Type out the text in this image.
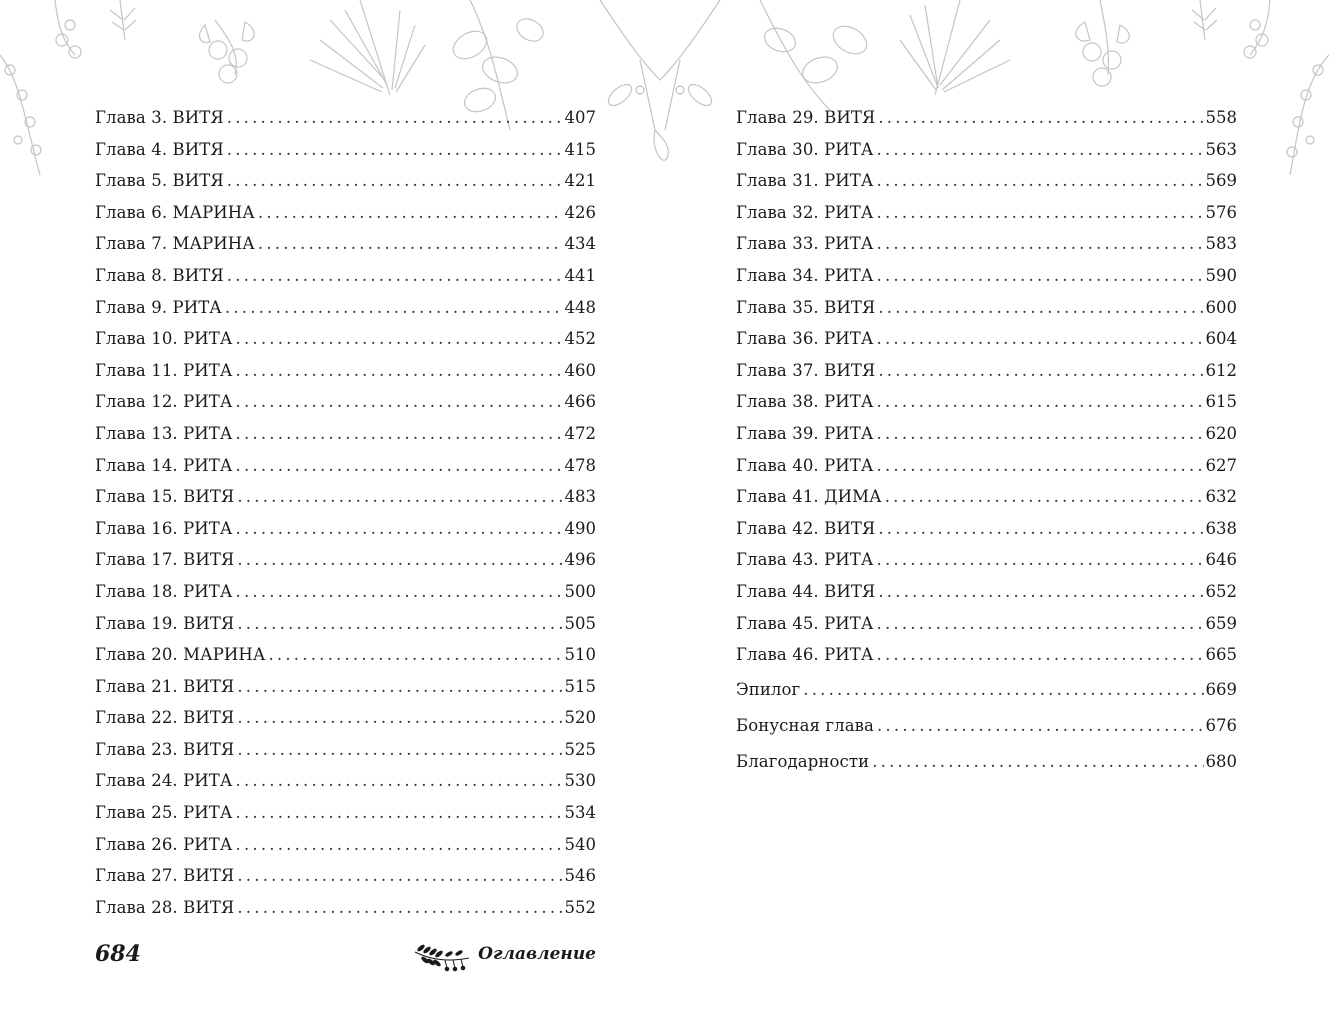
Глава 3. ВИТЯ .....	407
Глава 4. ВИТЯ .....	415
Глава 5. ВИТЯ .....	421
Глава 6. МАРИНА .....	426
Глава 7. МАРИНА .....	434
Глава 8. ВИТЯ .....	441
Глава 9. РИТА .....	448
Глава 10. РИТА .....	452
Глава 11. РИТА .....	460
Глава 12. РИТА .....	466
Глава 13. РИТА .....	472
Глава 14. РИТА .....	478
Глава 15. ВИТЯ .....	483
Глава 16. РИТА .....	490
Глава 17. ВИТЯ .....	496
Глава 18. РИТА .....	500
Глава 19. ВИТЯ .....	505
Глава 20. МАРИНА .....	510
Глава 21. ВИТЯ .....	515
Глава 22. ВИТЯ .....	520
Глава 23. ВИТЯ .....	525
Глава 24. РИТА .....	530
Глава 25. РИТА .....	534
Глава 26. РИТА .....	540
Глава 27. ВИТЯ .....	546
Глава 28. ВИТЯ .....	552
Глава 29. ВИТЯ .....	558
Глава 30. РИТА .....	563
Глава 31. РИТА .....	569
Глава 32. РИТА .....	576
Глава 33. РИТА .....	583
Глава 34. РИТА .....	590
Глава 35. ВИТЯ .....	600
Глава 36. РИТА .....	604
Глава 37. ВИТЯ .....	612
Глава 38. РИТА .....	615
Глава 39. РИТА .....	620
Глава 40. РИТА .....	627
Глава 41. ДИМА .....	632
Глава 42. ВИТЯ .....	638
Глава 43. РИТА .....	646
Глава 44. ВИТЯ .....	652
Глава 45. РИТА .....	659
Глава 46. РИТА .....	665
Эпилог .....	669
Бонусная глава .....	676
Благодарности .....	680
684	Оглавление
